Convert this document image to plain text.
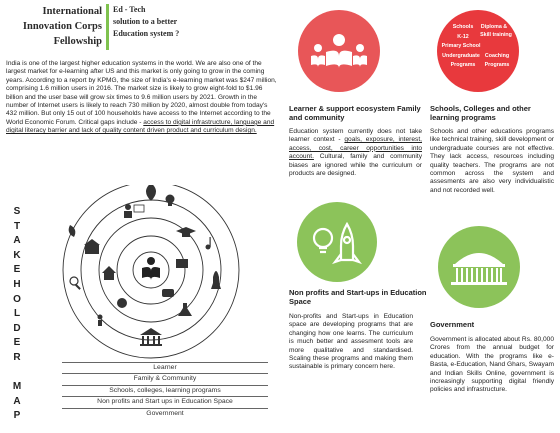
International
Innovation Corps
Fellowship
Ed - Tech
solution to a better
Education system ?
India is one of the largest higher education systems in the world. We are also one of the largest market for e-learning after US and this market is only going to grow in the coming years. According to a report by KPMG, the size of India's e-learning market was $247 million, comprising 1.6 million users in 2016. The market size is likely to grow eight-fold to $1.96 billion and the user base will grow six times to 9.6 million users by 2021. Growth in the number of Internet users is likely to reach 730 million by 2020, almost double from today's 432 million. But only 15 out of 100 households have access to the Internet according to the World Economic Forum. Critical gaps include - access to digital infrastructure, language and digital literacy barrier and lack of quality content driven product and curriculum design.
S
T
A
K
E
H
O
L
D
E
R
M
A
P
Learner
Family & Community
Schools, colleges, learning programs
Non profits and Start ups in Education Space
Government
Schools	Diploma &
K-12	Skill training
Primary School
Undergraduate Coaching
Programs	Programs
Learner & support ecosystem Family and community
Education system currently does not take learner context - goals, exposure, interest, access, cost, career opportunities into account. Cultural, family and community biases are ignored while the curriculum or products are designed.
Schools, Colleges and other learning programs
Schools and other educations programs like technical training, skill development or undergraduate courses are not effective. They lack access, resources including quality teachers. The programs are not common across the system and assesments are also very individualistic and not recorded well.
Non profits and Start-ups in Education Space
Non-profits and Start-ups in Education space are developing programs that are changing how one learns. The curriculum is much better and assesment tools are more qualitative and standardised. Scaling these programs and making them sustainable is primary concern here.
Government
Government is allocated about Rs. 80,000 Crores from the annual budget for education. With the programs like e-Basta, e-Education, Nand Ghars, Swayam and Indian Skills Online, government is increasingly supporting digital friendly policies and infrastructure.
